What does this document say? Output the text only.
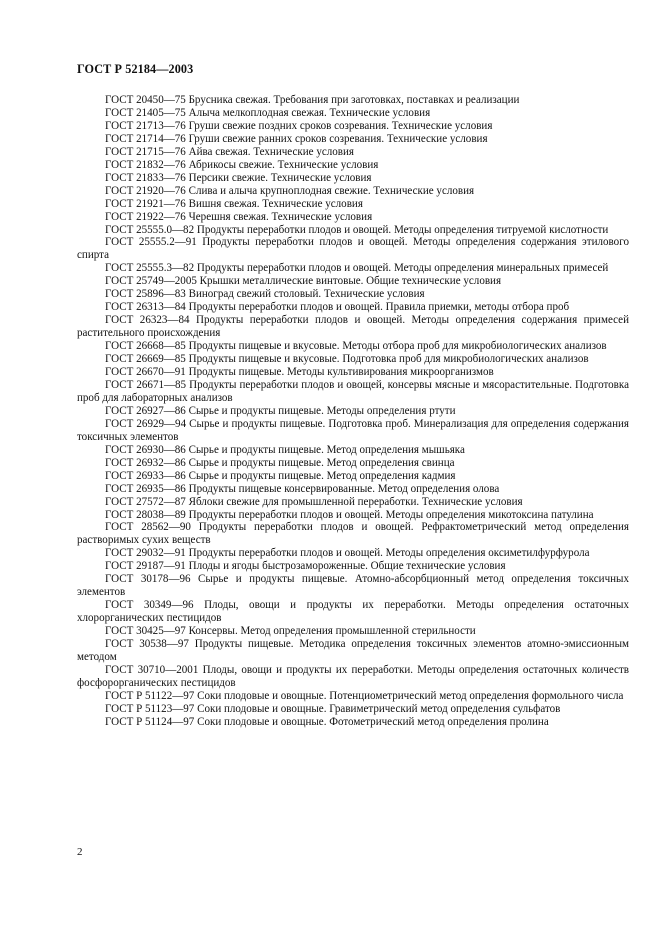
ГОСТ Р 52184—2003

ГОСТ 20450—75 Брусника свежая. Требования при заготовках, поставках и реализации

ГОСТ 21405—75 Алыча мелкоплодная свежая. Технические условия

ГОСТ 21713—76 Груши свежие поздних сроков созревания. Технические условия

ГОСТ 21714—76 Груши свежие ранних сроков созревания. Технические условия

ГОСТ 21715—76 Айва свежая. Технические условия

ГОСТ 21832—76 Абрикосы свежие. Технические условия

ГОСТ 21833—76 Персики свежие. Технические условия

ГОСТ 21920—76 Слива и алыча крупноплодная свежие. Технические условия

ГОСТ 21921—76 Вишня свежая. Технические условия

ГОСТ 21922—76 Черешня свежая. Технические условия

ГОСТ 25555.0—82 Продукты переработки плодов и овощей. Методы определения титруемой кислотности

ГОСТ 25555.2—91 Продукты переработки плодов и овощей. Методы определения содержания этилового спирта

ГОСТ 25555.3—82 Продукты переработки плодов и овощей. Методы определения минеральных примесей

ГОСТ 25749—2005 Крышки металлические винтовые. Общие технические условия

ГОСТ 25896—83 Виноград свежий столовый. Технические условия

ГОСТ 26313—84 Продукты переработки плодов и овощей. Правила приемки, методы отбора проб

ГОСТ 26323—84 Продукты переработки плодов и овощей. Методы определения содержания примесей растительного происхождения

ГОСТ 26668—85 Продукты пищевые и вкусовые. Методы отбора проб для микробиологических анализов

ГОСТ 26669—85 Продукты пищевые и вкусовые. Подготовка проб для микробиологических анализов

ГОСТ 26670—91 Продукты пищевые. Методы культивирования микроорганизмов

ГОСТ 26671—85 Продукты переработки плодов и овощей, консервы мясные и мясорастительные. Подготовка проб для лабораторных анализов

ГОСТ 26927—86 Сырье и продукты пищевые. Методы определения ртути

ГОСТ 26929—94 Сырье и продукты пищевые. Подготовка проб. Минерализация для определения содержания токсичных элементов

ГОСТ 26930—86 Сырье и продукты пищевые. Метод определения мышьяка

ГОСТ 26932—86 Сырье и продукты пищевые. Метод определения свинца

ГОСТ 26933—86 Сырье и продукты пищевые. Метод определения кадмия

ГОСТ 26935—86 Продукты пищевые консервированные. Метод определения олова

ГОСТ 27572—87 Яблоки свежие для промышленной переработки. Технические условия

ГОСТ 28038—89 Продукты переработки плодов и овощей. Методы определения микотоксина патулина

ГОСТ 28562—90 Продукты переработки плодов и овощей. Рефрактометрический метод определения растворимых сухих веществ

ГОСТ 29032—91 Продукты переработки плодов и овощей. Методы определения оксиметилфурфурола

ГОСТ 29187—91 Плоды и ягоды быстрозамороженные. Общие технические условия

ГОСТ 30178—96 Сырье и продукты пищевые. Атомно-абсорбционный метод определения токсичных элементов

ГОСТ 30349—96 Плоды, овощи и продукты их переработки. Методы определения остаточных хлорорганических пестицидов

ГОСТ 30425—97 Консервы. Метод определения промышленной стерильности

ГОСТ 30538—97 Продукты пищевые. Методика определения токсичных элементов атомно-эмиссионным методом

ГОСТ 30710—2001 Плоды, овощи и продукты их переработки. Методы определения остаточных количеств фосфорорганических пестицидов

ГОСТ Р 51122—97 Соки плодовые и овощные. Потенциометрический метод определения формольного числа

ГОСТ Р 51123—97 Соки плодовые и овощные. Гравиметрический метод определения сульфатов

ГОСТ Р 51124—97 Соки плодовые и овощные. Фотометрический метод определения пролина

2
